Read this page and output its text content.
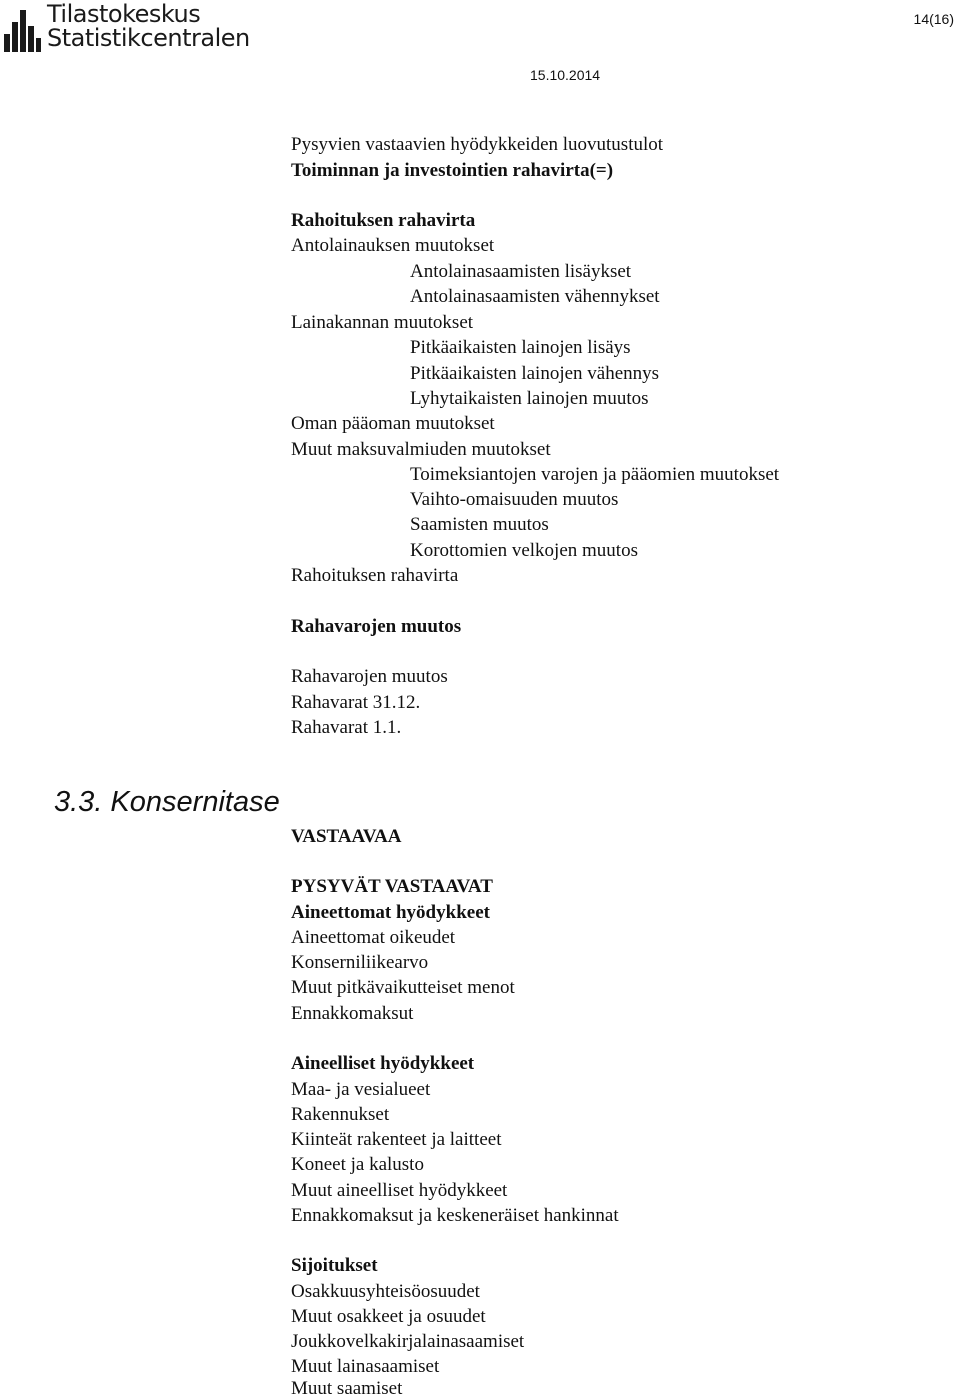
Tilastokeskus
Statistikcentralen
14(16)
15.10.2014
Pysyvien vastaavien hyödykkeiden luovutustulot
Toiminnan ja investointien rahavirta(=)
Rahoituksen rahavirta
Antolainauksen muutokset
Antolainasaamisten lisäykset
Antolainasaamisten vähennykset
Lainakannan muutokset
Pitkäaikaisten lainojen lisäys
Pitkäaikaisten lainojen vähennys
Lyhytaikaisten lainojen muutos
Oman pääoman muutokset
Muut maksuvalmiuden muutokset
Toimeksiantojen varojen ja pääomien muutokset
Vaihto-omaisuuden muutos
Saamisten muutos
Korottomien velkojen muutos
Rahoituksen rahavirta
Rahavarojen muutos
Rahavarojen muutos
Rahavarat 31.12.
Rahavarat 1.1.
3.3. Konsernitase
VASTAAVAA
PYSYVÄT VASTAAVAT
Aineettomat hyödykkeet
Aineettomat oikeudet
Konserniliikearvo
Muut pitkävaikutteiset menot
Ennakkomaksut
Aineelliset hyödykkeet
Maa- ja vesialueet
Rakennukset
Kiinteät rakenteet ja laitteet
Koneet ja kalusto
Muut aineelliset hyödykkeet
Ennakkomaksut ja keskeneräiset hankinnat
Sijoitukset
Osakkuusyhteisöosuudet
Muut osakkeet ja osuudet
Joukkovelkakirjalainasaamiset
Muut lainasaamiset
Muut saamiset
